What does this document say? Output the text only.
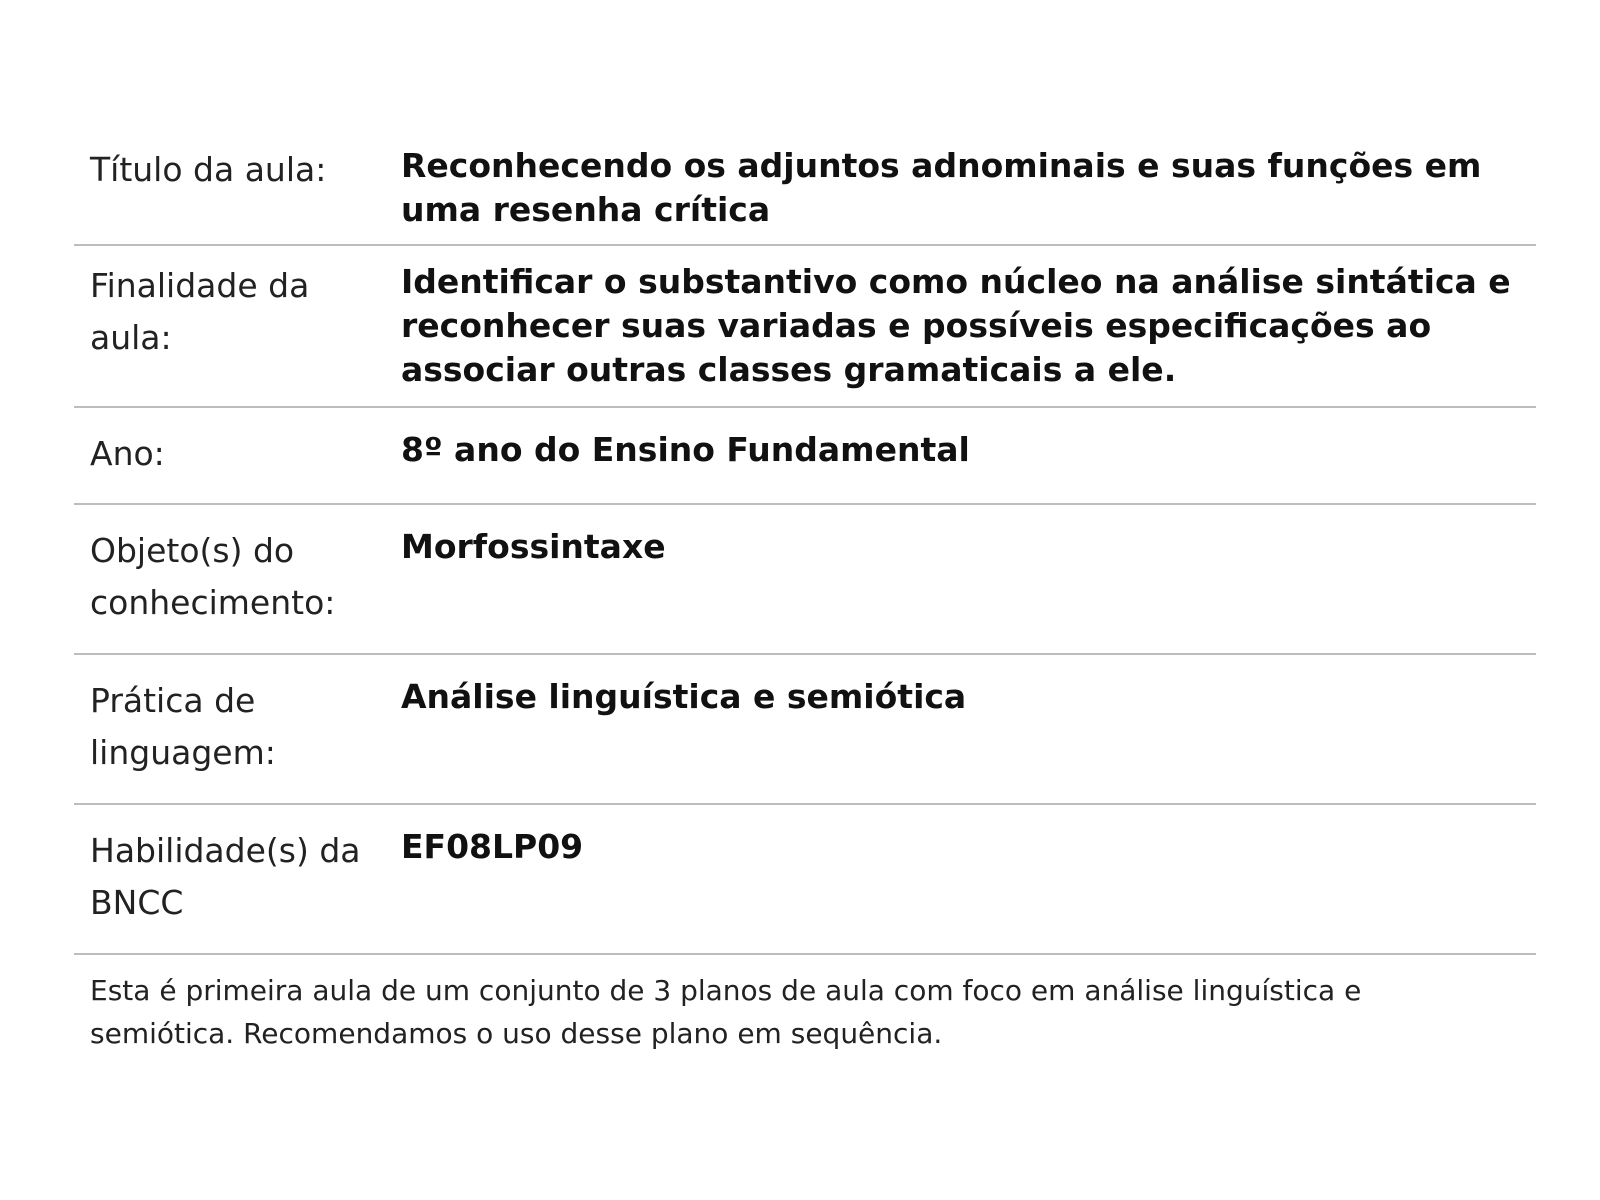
Título da aula:	Reconhecendo os adjuntos adnominais e suas funções em uma resenha crítica
Finalidade da aula:
Identificar o substantivo como núcleo na análise sintática e reconhecer suas variadas e possíveis especificações ao associar outras classes gramaticais a ele.
Ano:	8º ano do Ensino Fundamental
Objeto(s) do conhecimento:
Morfossintaxe
Prática de linguagem:
Análise linguística e semiótica
Habilidade(s) da BNCC
EF08LP09
Esta é primeira aula de um conjunto de 3 planos de aula com foco em análise linguística e semiótica. Recomendamos o uso desse plano em sequência.
